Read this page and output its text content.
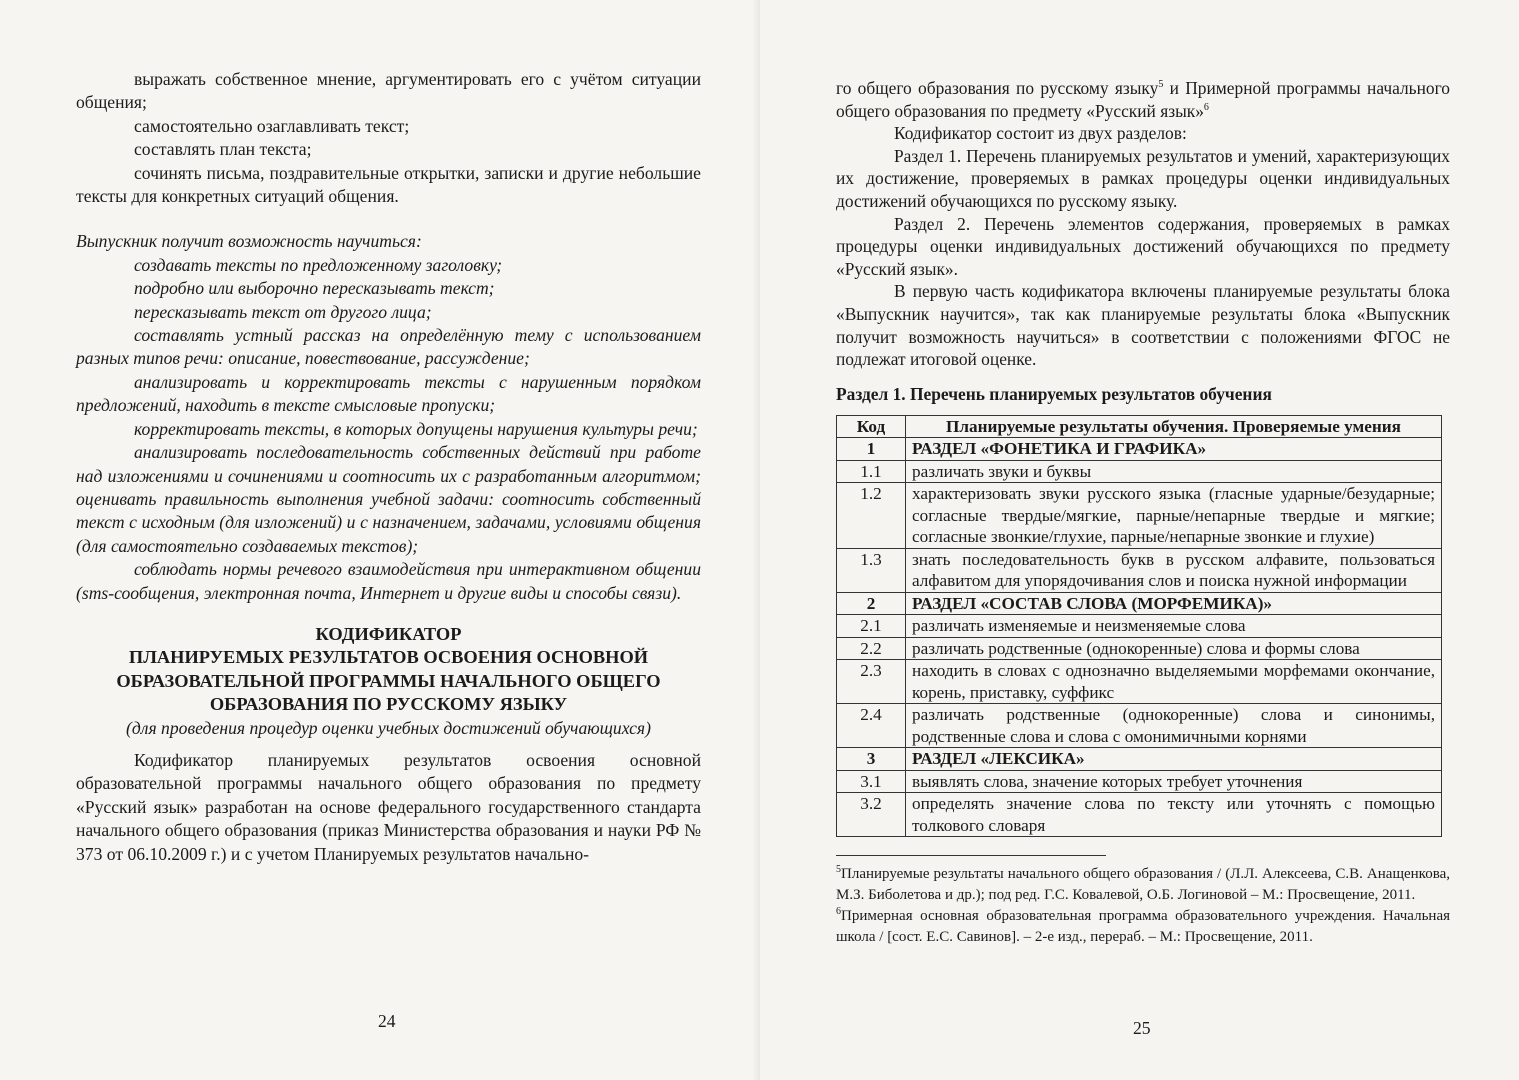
выражать собственное мнение, аргументировать его с учётом ситуации общения;

самостоятельно озаглавливать текст;

составлять план текста;

сочинять письма, поздравительные открытки, записки и другие небольшие тексты для конкретных ситуаций общения.

Выпускник получит возможность научиться:

создавать тексты по предложенному заголовку;

подробно или выборочно пересказывать текст;

пересказывать текст от другого лица;

составлять устный рассказ на определённую тему с использованием разных типов речи: описание, повествование, рассуждение;

анализировать и корректировать тексты с нарушенным порядком предложений, находить в тексте смысловые пропуски;

корректировать тексты, в которых допущены нарушения культуры речи;

анализировать последовательность собственных действий при работе над изложениями и сочинениями и соотносить их с разработанным алгоритмом; оценивать правильность выполнения учебной задачи: соотносить собственный текст с исходным (для изложений) и с назначением, задачами, условиями общения (для самостоятельно создаваемых текстов);

соблюдать нормы речевого взаимодействия при интерактивном общении (sms-сообщения, электронная почта, Интернет и другие виды и способы связи).

КОДИФИКАТОР
ПЛАНИРУЕМЫХ РЕЗУЛЬТАТОВ ОСВОЕНИЯ ОСНОВНОЙ
ОБРАЗОВАТЕЛЬНОЙ ПРОГРАММЫ НАЧАЛЬНОГО ОБЩЕГО
ОБРАЗОВАНИЯ ПО РУССКОМУ ЯЗЫКУ

(для проведения процедур оценки учебных достижений обучающихся)

Кодификатор планируемых результатов освоения основной образовательной программы начального общего образования по предмету «Русский язык» разработан на основе федерального государственного стандарта начального общего образования (приказ Министерства образования и науки РФ № 373 от 06.10.2009 г.) и с учетом Планируемых результатов начально-

24

го общего образования по русскому языку$^5$ и Примерной программы начального общего образования по предмету «Русский язык»$^6$

Кодификатор состоит из двух разделов:

Раздел 1. Перечень планируемых результатов и умений, характеризующих их достижение, проверяемых в рамках процедуры оценки индивидуальных достижений обучающихся по русскому языку.

Раздел 2. Перечень элементов содержания, проверяемых в рамках процедуры оценки индивидуальных достижений обучающихся по предмету «Русский язык».

В первую часть кодификатора включены планируемые результаты блока «Выпускник научится», так как планируемые результаты блока «Выпускник получит возможность научиться» в соответствии с положениями ФГОС не подлежат итоговой оценке.

Раздел 1. Перечень планируемых результатов обучения
Код	Планируемые результаты обучения. Проверяемые умения
1	РАЗДЕЛ «ФОНЕТИКА И ГРАФИКА»
1.1	различать звуки и буквы
1.2	характеризовать звуки русского языка (гласные ударные/безударные; согласные твердые/мягкие, парные/непарные твердые и мягкие; согласные звонкие/глухие, парные/непарные звонкие и глухие)
1.3	знать последовательность букв в русском алфавите, пользоваться алфавитом для упорядочивания слов и поиска нужной информации
2	РАЗДЕЛ «СОСТАВ СЛОВА (МОРФЕМИКА)»
2.1	различать изменяемые и неизменяемые слова
2.2	различать родственные (однокоренные) слова и формы слова
2.3	находить в словах с однозначно выделяемыми морфемами окончание, корень, приставку, суффикс
2.4	различать родственные (однокоренные) слова и синонимы, родственные слова и слова с омонимичными корнями
3	РАЗДЕЛ «ЛЕКСИКА»
3.1	выявлять слова, значение которых требует уточнения
3.2	определять значение слова по тексту или уточнять с помощью толкового словаря

$^5$Планируемые результаты начального общего образования / (Л.Л. Алексеева, С.В. Анащенкова, М.З. Биболетова и др.); под ред. Г.С. Ковалевой, О.Б. Логиновой – М.: Просвещение, 2011.

$^6$Примерная основная образовательная программа образовательного учреждения. Начальная школа / [сост. Е.С. Савинов]. – 2-е изд., перераб. – М.: Просвещение, 2011.

25
